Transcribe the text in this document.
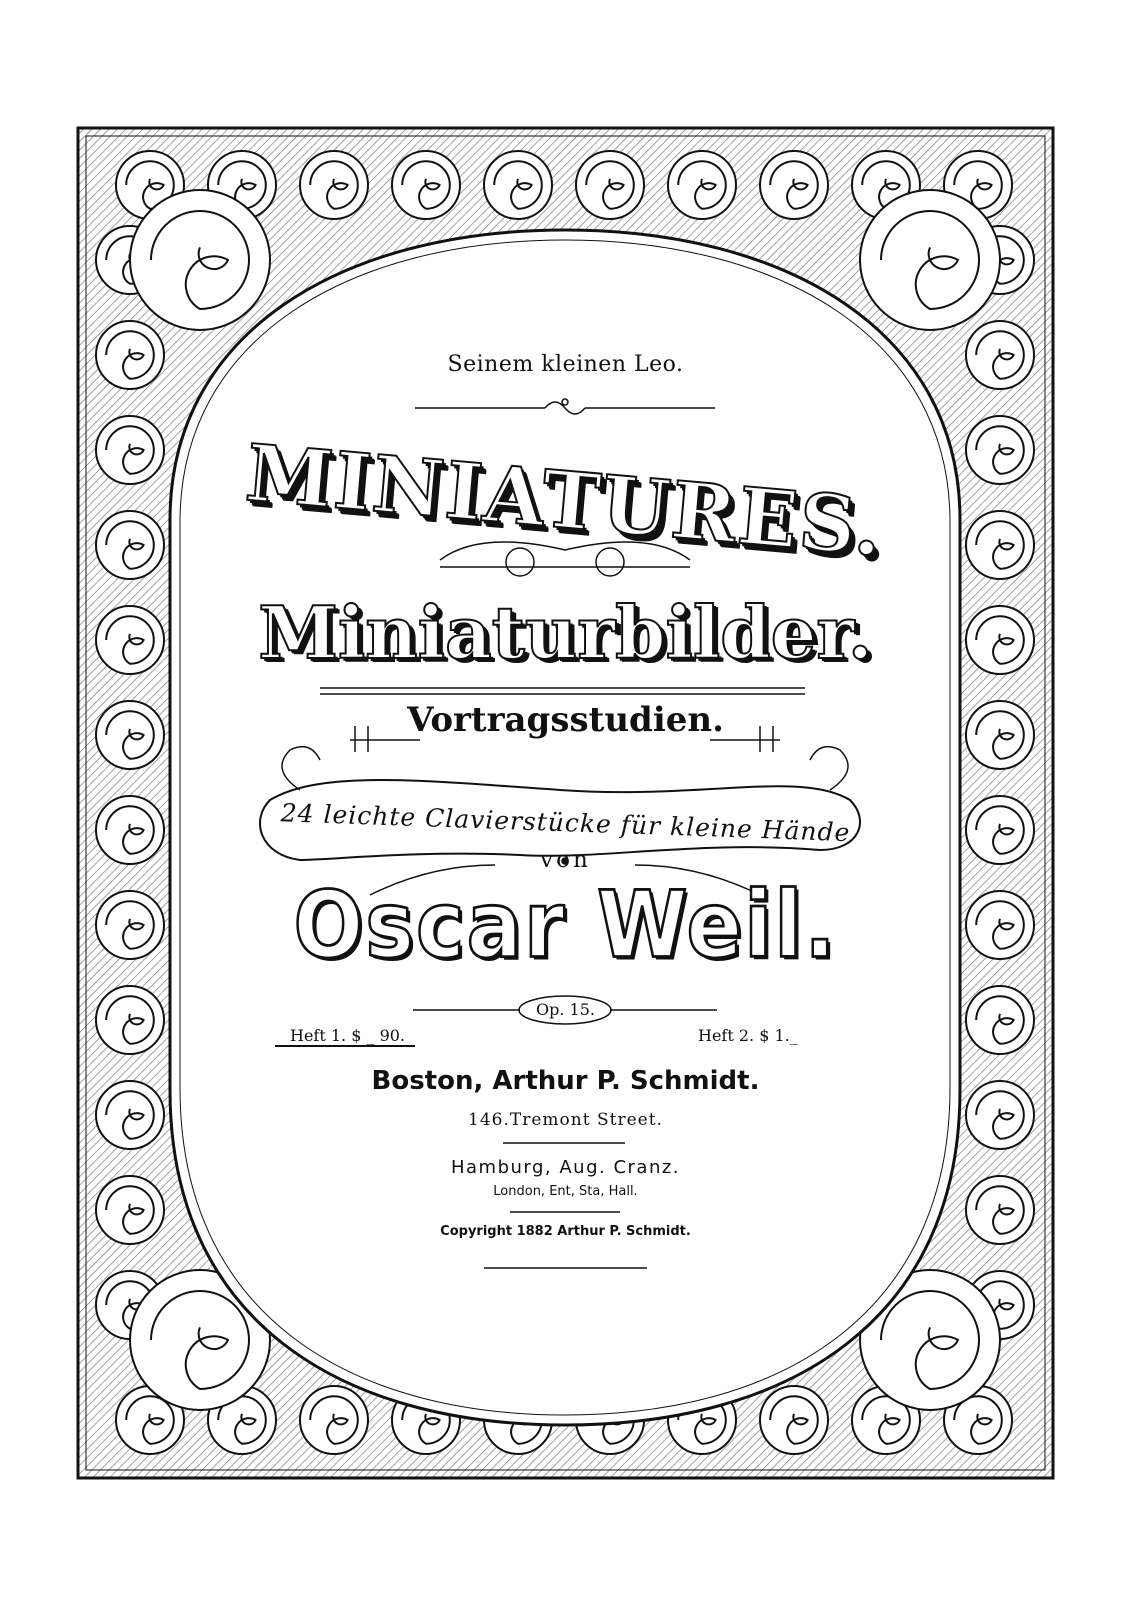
Seinem kleinen Leo.
MINIATURES.
Miniaturbilder.
Vortragsstudien.
24 leichte Clavierstücke für kleine Hände
von
Oscar Weil.
Op. 15.
Heft 1. $ _ 90.	Heft 2. $ 1._
Boston, Arthur P. Schmidt.
146.Tremont Street.
Hamburg, Aug. Cranz.
London, Ent, Sta, Hall.
Copyright 1882 Arthur P. Schmidt.
